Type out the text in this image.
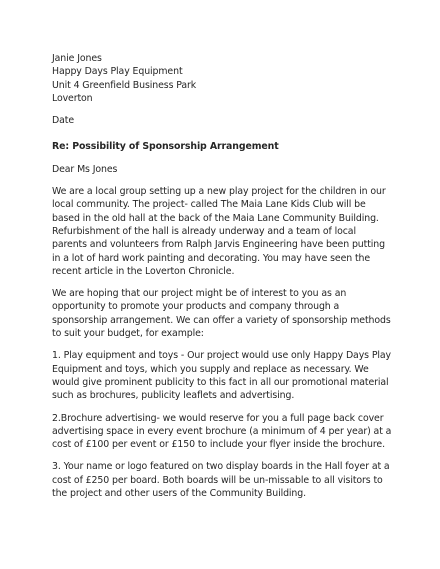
Janie Jones

Happy Days Play Equipment

Unit 4 Greenfield Business Park

Loverton

Date

Re: Possibility of Sponsorship Arrangement

Dear Ms Jones

We are a local group setting up a new play project for the children in our local community. The project- called The Maia Lane Kids Club will be based in the old hall at the back of the Maia Lane Community Building. Refurbishment of the hall is already underway and a team of local parents and volunteers from Ralph Jarvis Engineering have been putting in a lot of hard work painting and decorating. You may have seen the recent article in the Loverton Chronicle.

We are hoping that our project might be of interest to you as an opportunity to promote your products and company through a sponsorship arrangement. We can offer a variety of sponsorship methods to suit your budget, for example:

1. Play equipment and toys - Our project would use only Happy Days Play Equipment and toys, which you supply and replace as necessary. We would give prominent publicity to this fact in all our promotional material such as brochures, publicity leaflets and advertising.

2.Brochure advertising- we would reserve for you a full page back cover advertising space in every event brochure (a minimum of 4 per year) at a cost of £100 per event or £150 to include your flyer inside the brochure.

3. Your name or logo featured on two display boards in the Hall foyer at a cost of £250 per board. Both boards will be un-missable to all visitors to the project and other users of the Community Building.
